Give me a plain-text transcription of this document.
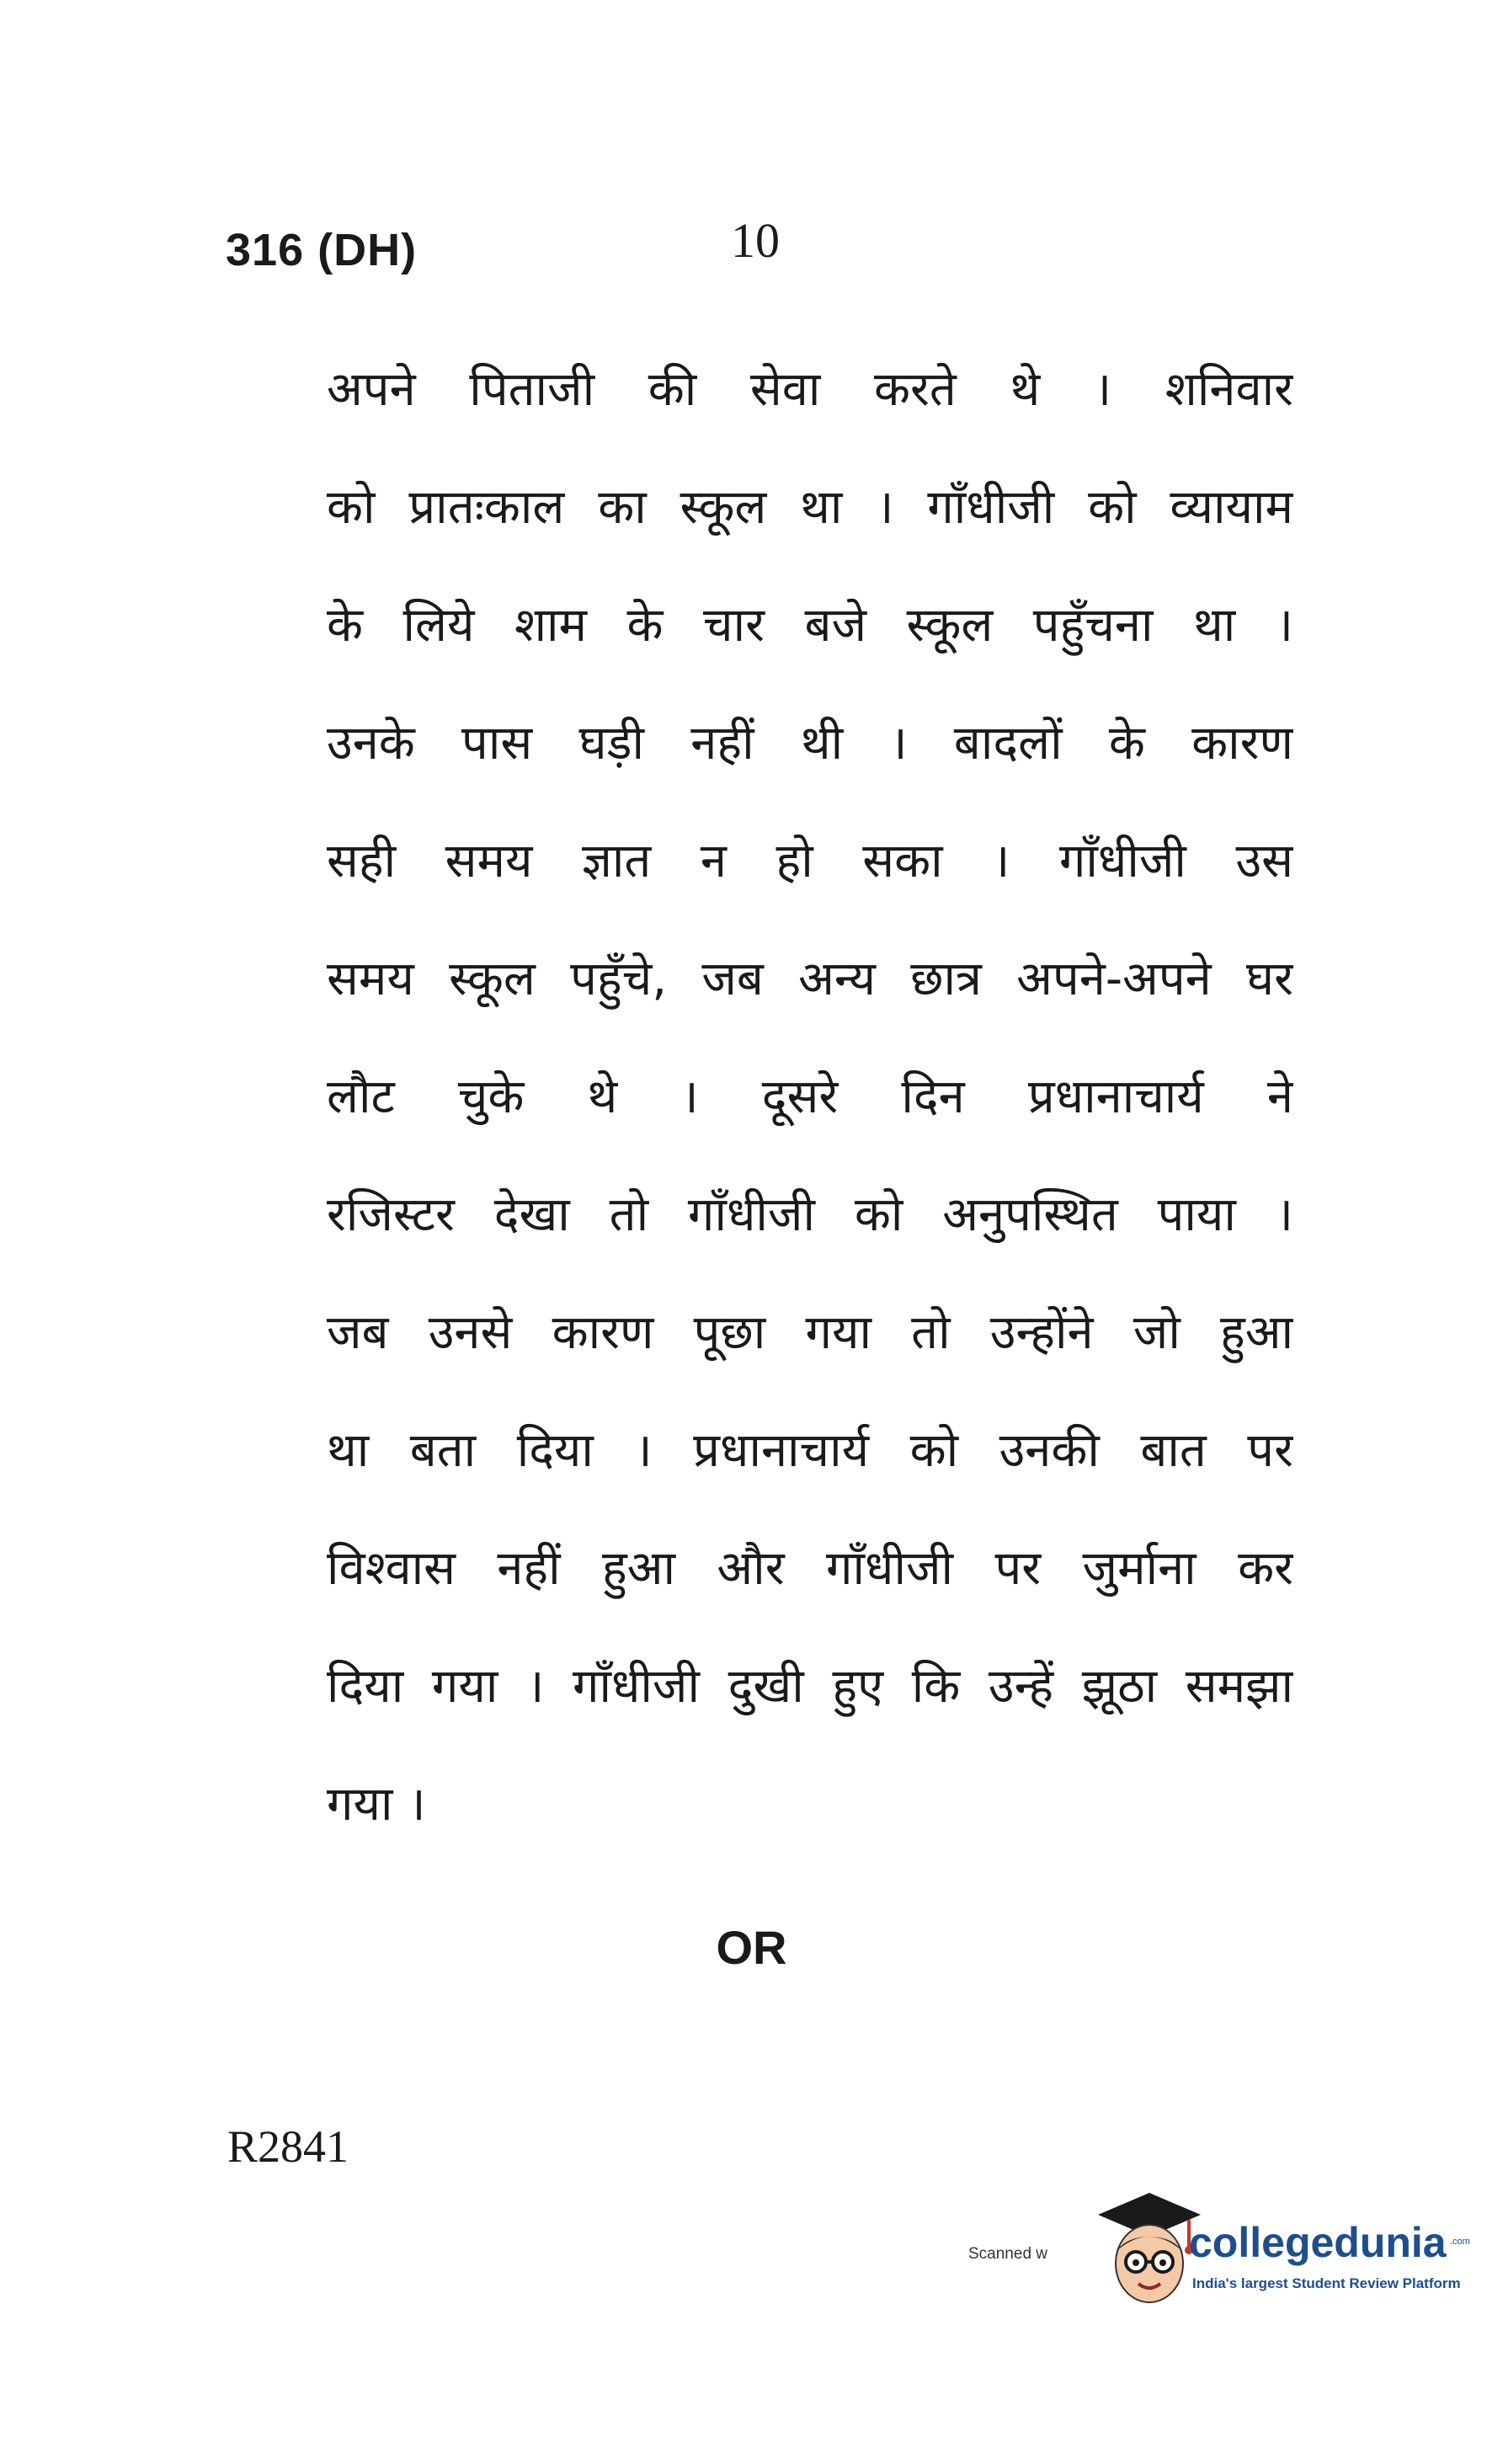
316 (DH)	10
अपने पिताजी की सेवा करते थे । शनिवार
को प्रातःकाल का स्कूल था । गाँधीजी को व्यायाम
के लिये शाम के चार बजे स्कूल पहुँचना था ।
उनके पास घड़ी नहीं थी । बादलों के कारण
सही समय ज्ञात न हो सका । गाँधीजी उस
समय स्कूल पहुँचे, जब अन्य छात्र अपने-अपने घर
लौट चुके थे । दूसरे दिन प्रधानाचार्य ने
रजिस्टर देखा तो गाँधीजी को अनुपस्थित पाया ।
जब उनसे कारण पूछा गया तो उन्होंने जो हुआ
था बता दिया । प्रधानाचार्य को उनकी बात पर
विश्वास नहीं हुआ और गाँधीजी पर जुर्माना कर
दिया गया । गाँधीजी दुखी हुए कि उन्हें झूठा समझा
गया ।
OR
R2841
Scanned w	collegedunia .com
India's largest Student Review Platform
